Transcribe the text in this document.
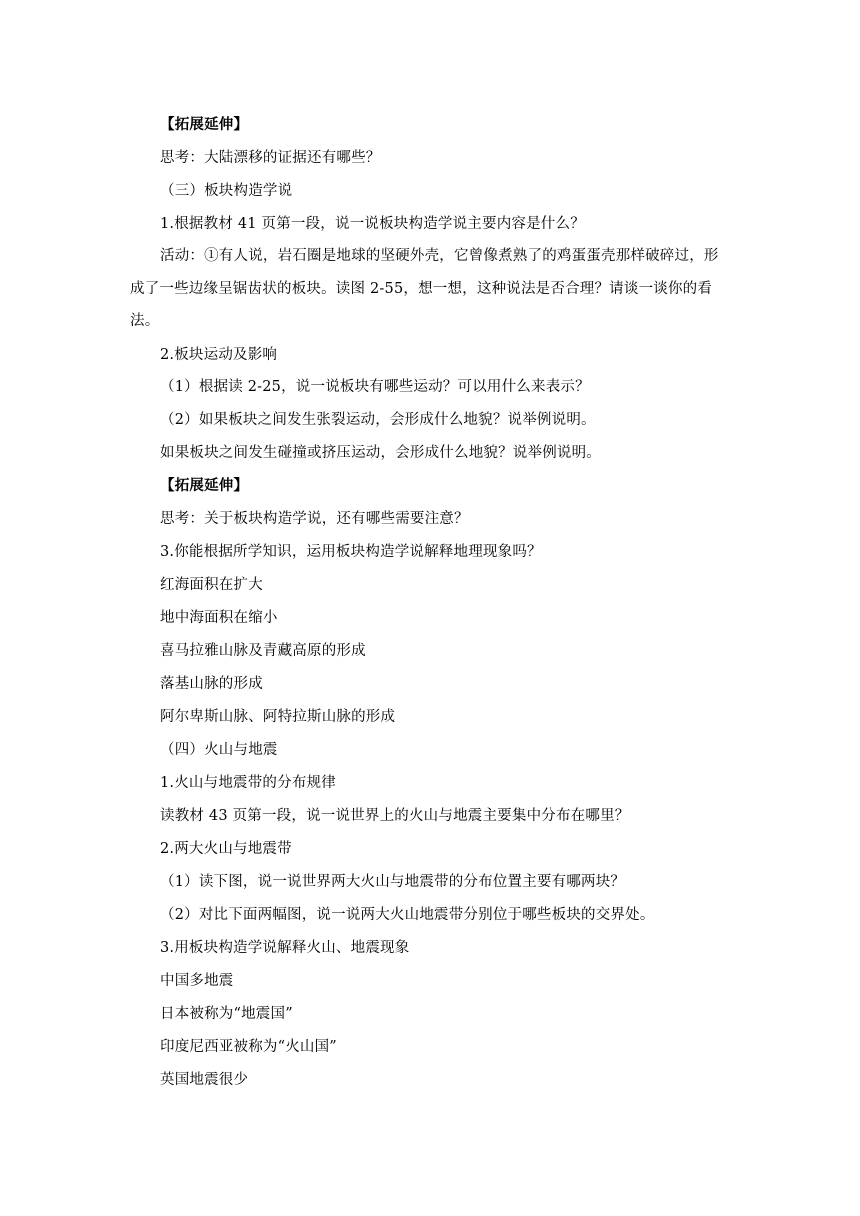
【拓展延伸】
思考：大陆漂移的证据还有哪些？
（三）板块构造学说
1.根据教材 41 页第一段，说一说板块构造学说主要内容是什么？
活动：①有人说，岩石圈是地球的坚硬外壳，它曾像煮熟了的鸡蛋蛋壳那样破碎过，形
成了一些边缘呈锯齿状的板块。读图 2-55，想一想，这种说法是否合理？请谈一谈你的看
法。
2.板块运动及影响
（1）根据读 2-25，说一说板块有哪些运动？可以用什么来表示？
（2）如果板块之间发生张裂运动，会形成什么地貌？说举例说明。
如果板块之间发生碰撞或挤压运动，会形成什么地貌？说举例说明。
【拓展延伸】
思考：关于板块构造学说，还有哪些需要注意？
3.你能根据所学知识，运用板块构造学说解释地理现象吗？
红海面积在扩大
地中海面积在缩小
喜马拉雅山脉及青藏高原的形成
落基山脉的形成
阿尔卑斯山脉、阿特拉斯山脉的形成
（四）火山与地震
1.火山与地震带的分布规律
读教材 43 页第一段，说一说世界上的火山与地震主要集中分布在哪里？
2.两大火山与地震带
（1）读下图，说一说世界两大火山与地震带的分布位置主要有哪两块？
（2）对比下面两幅图，说一说两大火山地震带分别位于哪些板块的交界处。
3.用板块构造学说解释火山、地震现象
中国多地震
日本被称为“地震国”
印度尼西亚被称为“火山国”
英国地震很少
